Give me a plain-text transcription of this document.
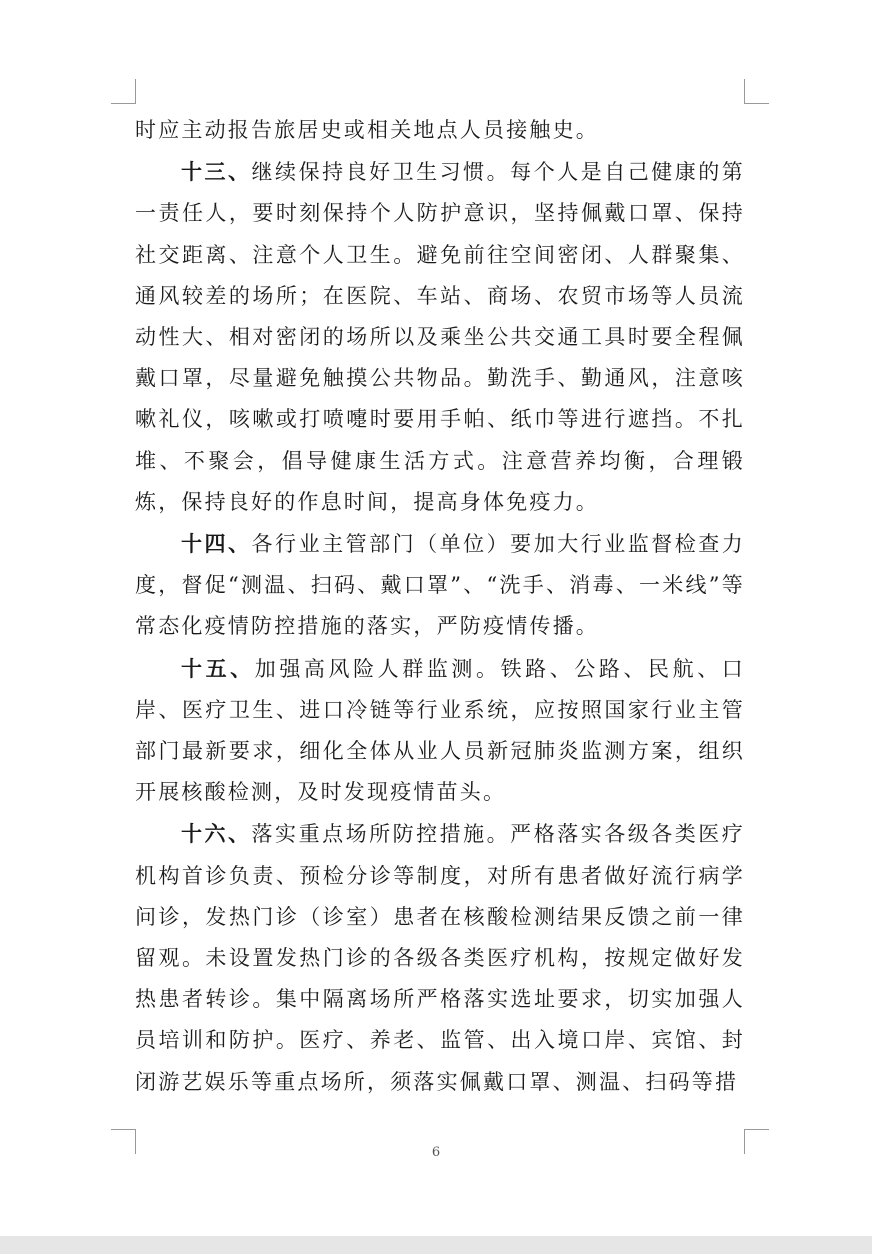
时应主动报告旅居史或相关地点人员接触史。

十三、继续保持良好卫生习惯。每个人是自己健康的第一责任人，要时刻保持个人防护意识，坚持佩戴口罩、保持社交距离、注意个人卫生。避免前往空间密闭、人群聚集、通风较差的场所；在医院、车站、商场、农贸市场等人员流动性大、相对密闭的场所以及乘坐公共交通工具时要全程佩戴口罩，尽量避免触摸公共物品。勤洗手、勤通风，注意咳嗽礼仪，咳嗽或打喷嚏时要用手帕、纸巾等进行遮挡。不扎堆、不聚会，倡导健康生活方式。注意营养均衡，合理锻炼，保持良好的作息时间，提高身体免疫力。

十四、各行业主管部门（单位）要加大行业监督检查力度，督促“测温、扫码、戴口罩”、“洗手、消毒、一米线”等常态化疫情防控措施的落实，严防疫情传播。

十五、加强高风险人群监测。铁路、公路、民航、口岸、医疗卫生、进口冷链等行业系统，应按照国家行业主管部门最新要求，细化全体从业人员新冠肺炎监测方案，组织开展核酸检测，及时发现疫情苗头。

十六、落实重点场所防控措施。严格落实各级各类医疗机构首诊负责、预检分诊等制度，对所有患者做好流行病学问诊，发热门诊（诊室）患者在核酸检测结果反馈之前一律留观。未设置发热门诊的各级各类医疗机构，按规定做好发热患者转诊。集中隔离场所严格落实选址要求，切实加强人员培训和防护。医疗、养老、监管、出入境口岸、宾馆、封闭游艺娱乐等重点场所，须落实佩戴口罩、测温、扫码等措

6
